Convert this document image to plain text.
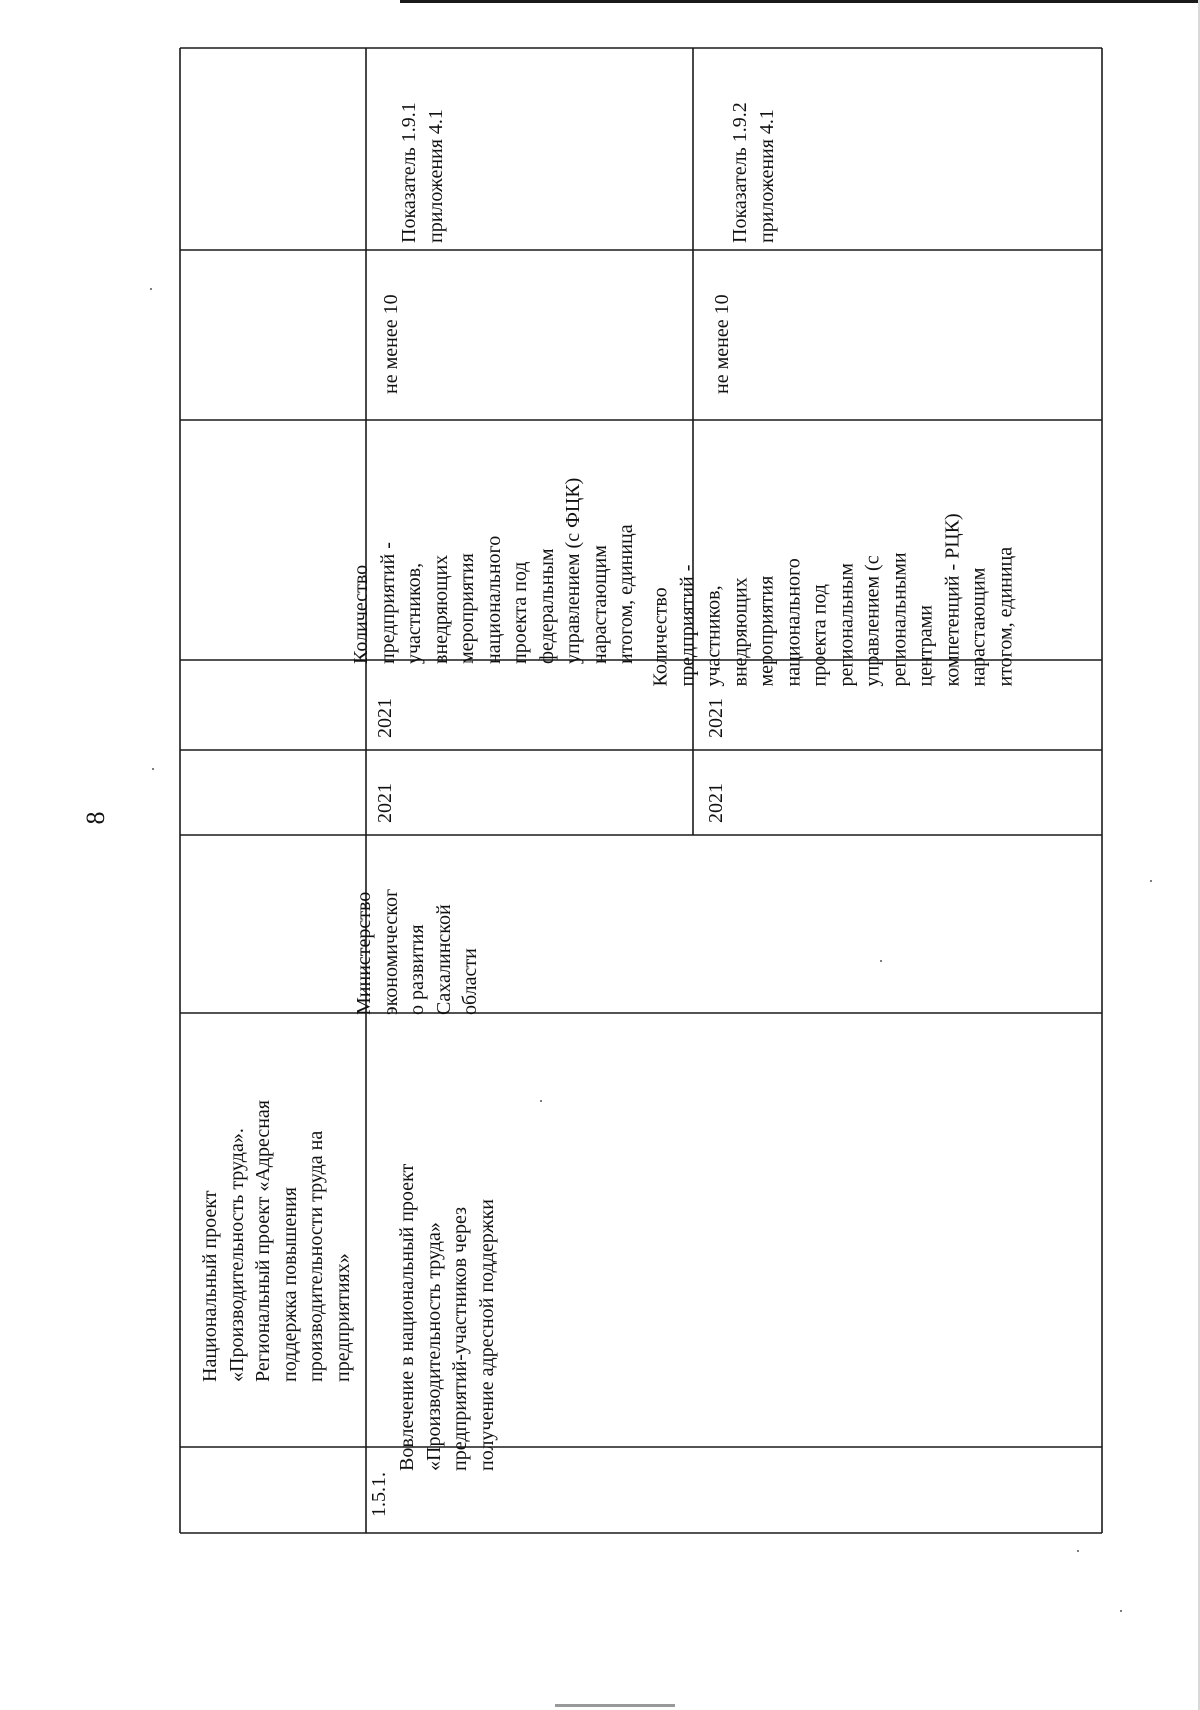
8
Национальный проект
«Производительность труда».
Региональный проект «Адресная
поддержка повышения
производительности труда на
предприятиях»
1.5.1.
Вовлечение в национальный проект
«Производительность труда»
предприятий-участников через
получение адресной поддержки
Министерство
экономическог
о развития
Сахалинской
области
2021
2021
Количество
предприятий -
участников,
внедряющих
мероприятия
национального
проекта под
федеральным
управлением (с ФЦК)
нарастающим
итогом, единица
не менее 10
Показатель 1.9.1
приложения 4.1
2021
2021
Количество
предприятий -
участников,
внедряющих
мероприятия
национального
проекта под
региональным
управлением (с
региональными
центрами
компетенций - РЦК)
нарастающим
итогом, единица
не менее 10
Показатель 1.9.2
приложения 4.1
